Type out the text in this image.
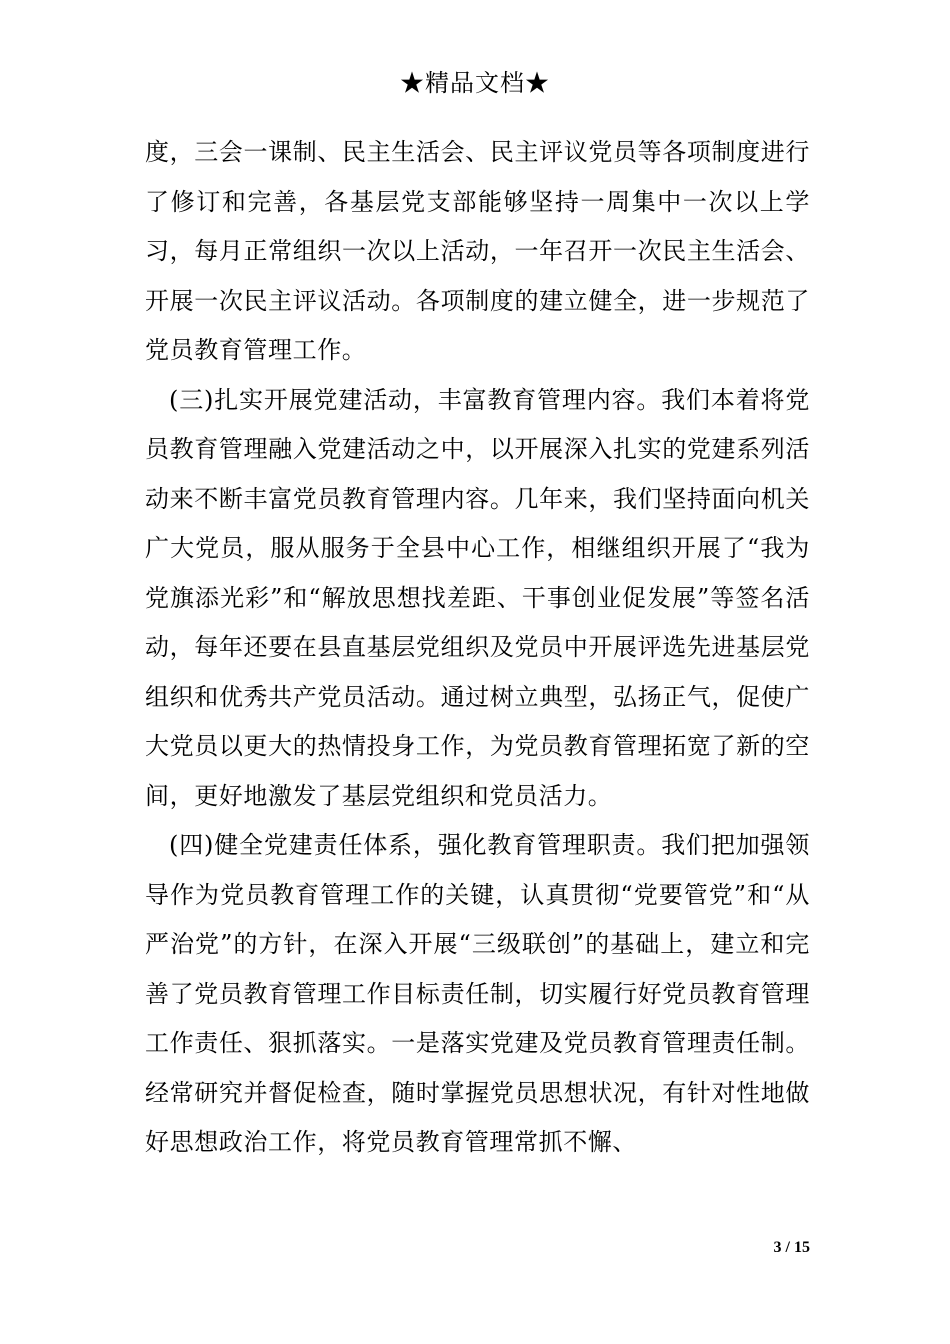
★精品文档★

度，三会一课制、民主生活会、民主评议党员等各项制度进行了修订和完善，各基层党支部能够坚持一周集中一次以上学习，每月正常组织一次以上活动，一年召开一次民主生活会、开展一次民主评议活动。各项制度的建立健全，进一步规范了党员教育管理工作。

(三)扎实开展党建活动，丰富教育管理内容。我们本着将党员教育管理融入党建活动之中，以开展深入扎实的党建系列活动来不断丰富党员教育管理内容。几年来，我们坚持面向机关广大党员，服从服务于全县中心工作，相继组织开展了“我为党旗添光彩”和“解放思想找差距、干事创业促发展”等签名活动，每年还要在县直基层党组织及党员中开展评选先进基层党组织和优秀共产党员活动。通过树立典型，弘扬正气，促使广大党员以更大的热情投身工作，为党员教育管理拓宽了新的空间，更好地激发了基层党组织和党员活力。

(四)健全党建责任体系，强化教育管理职责。我们把加强领导作为党员教育管理工作的关键，认真贯彻“党要管党”和“从严治党”的方针，在深入开展“三级联创”的基础上，建立和完善了党员教育管理工作目标责任制，切实履行好党员教育管理工作责任、狠抓落实。一是落实党建及党员教育管理责任制。经常研究并督促检查，随时掌握党员思想状况，有针对性地做好思想政治工作，将党员教育管理常抓不懈、

3 / 15
